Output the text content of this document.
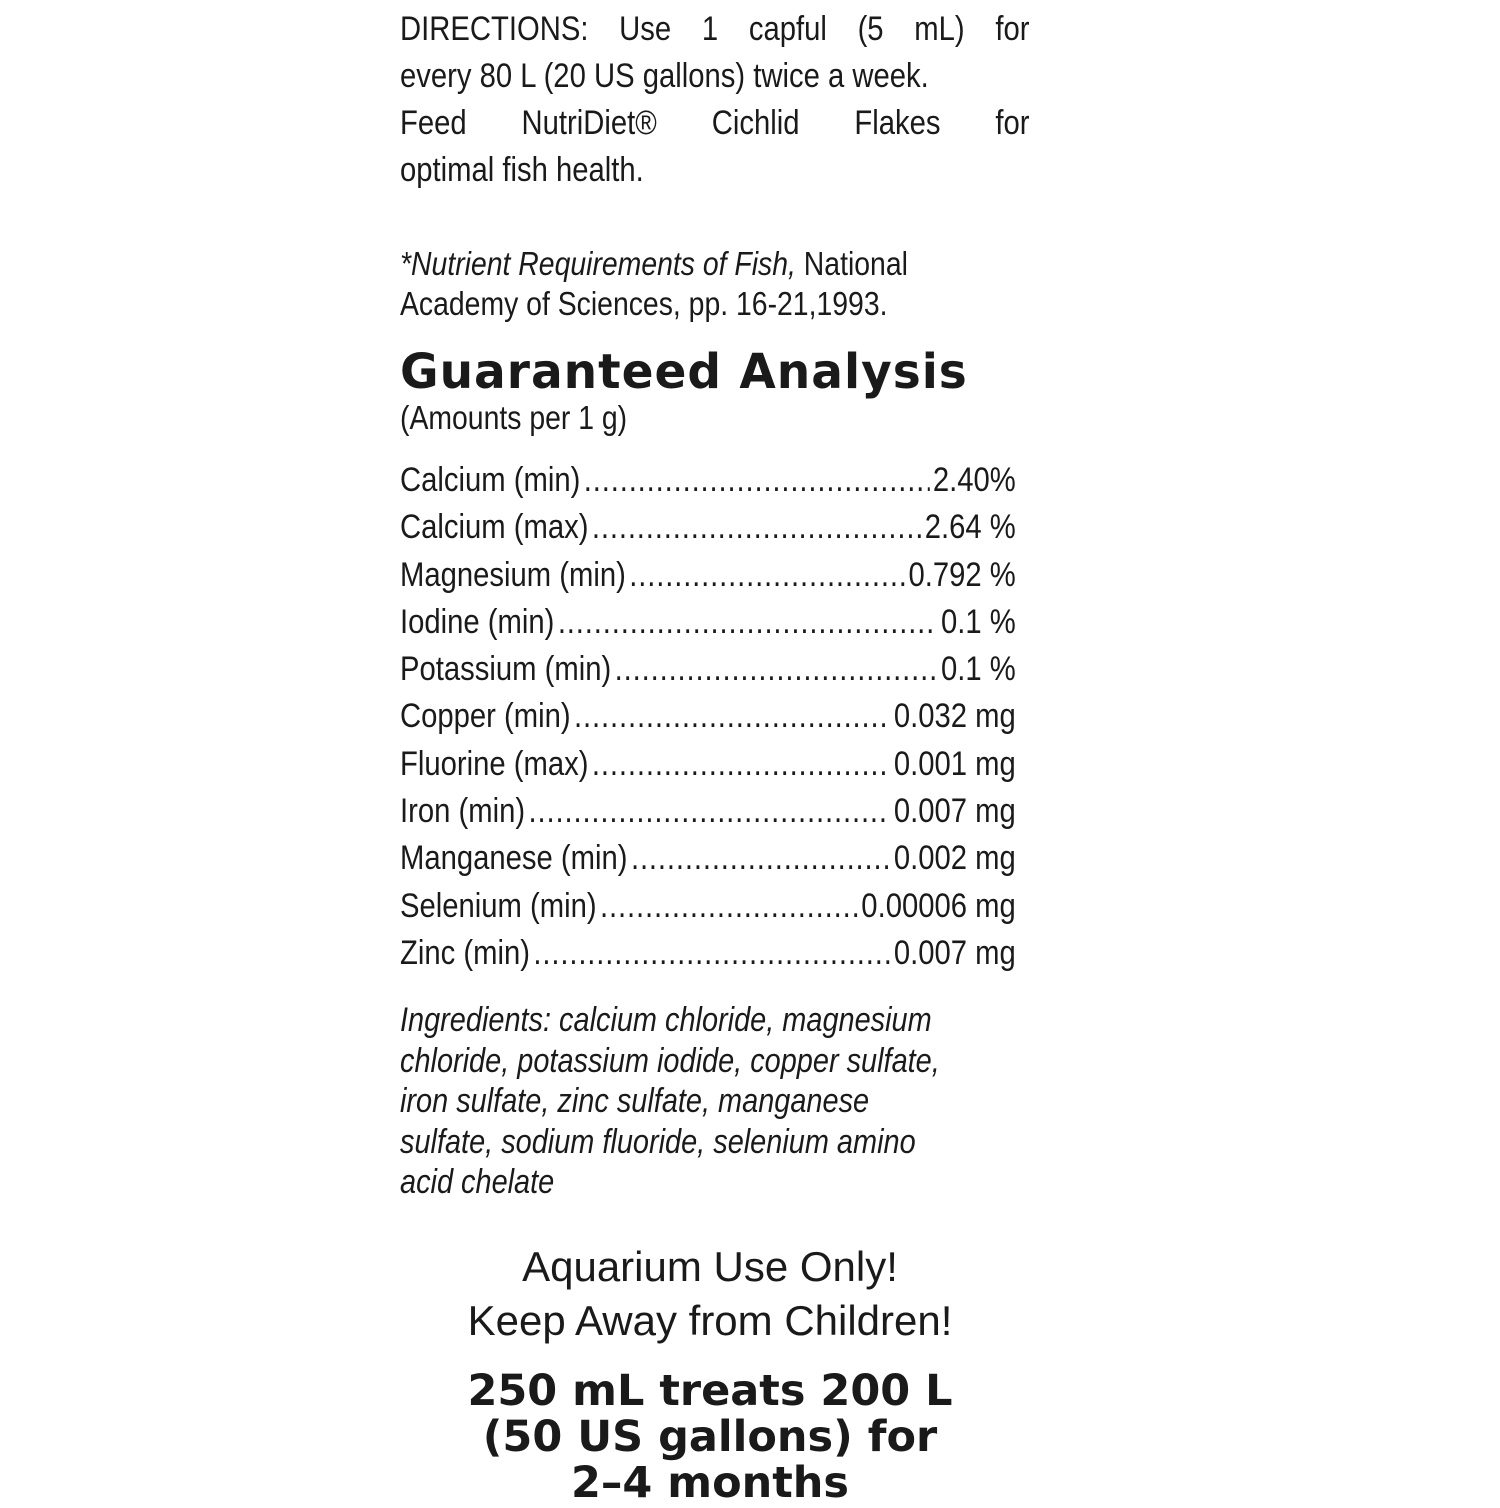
DIRECTIONS: Use 1 capful (5 mL) for
every 80 L (20 US gallons) twice a week.
Feed NutriDiet® Cichlid Flakes for
optimal fish health.
*Nutrient Requirements of Fish, National
Academy of Sciences, pp. 16-21,1993.
Guaranteed Analysis
(Amounts per 1 g)
Calcium (min) .....	2.40%
Calcium (max) .....	2.64 %
Magnesium (min) .....	0.792 %
Iodine (min) .....	0.1 %
Potassium (min) .....	0.1 %
Copper (min) .....	0.032 mg
Fluorine (max) .....	0.001 mg
Iron (min) .....	0.007 mg
Manganese (min) .....	0.002 mg
Selenium (min) .....	0.00006 mg
Zinc (min) .....	0.007 mg
Ingredients: calcium chloride, magnesium
chloride, potassium iodide, copper sulfate,
iron sulfate, zinc sulfate, manganese
sulfate, sodium fluoride, selenium amino
acid chelate
Aquarium Use Only!
Keep Away from Children!
250 mL treats 200 L
(50 US gallons) for
2–4 months
